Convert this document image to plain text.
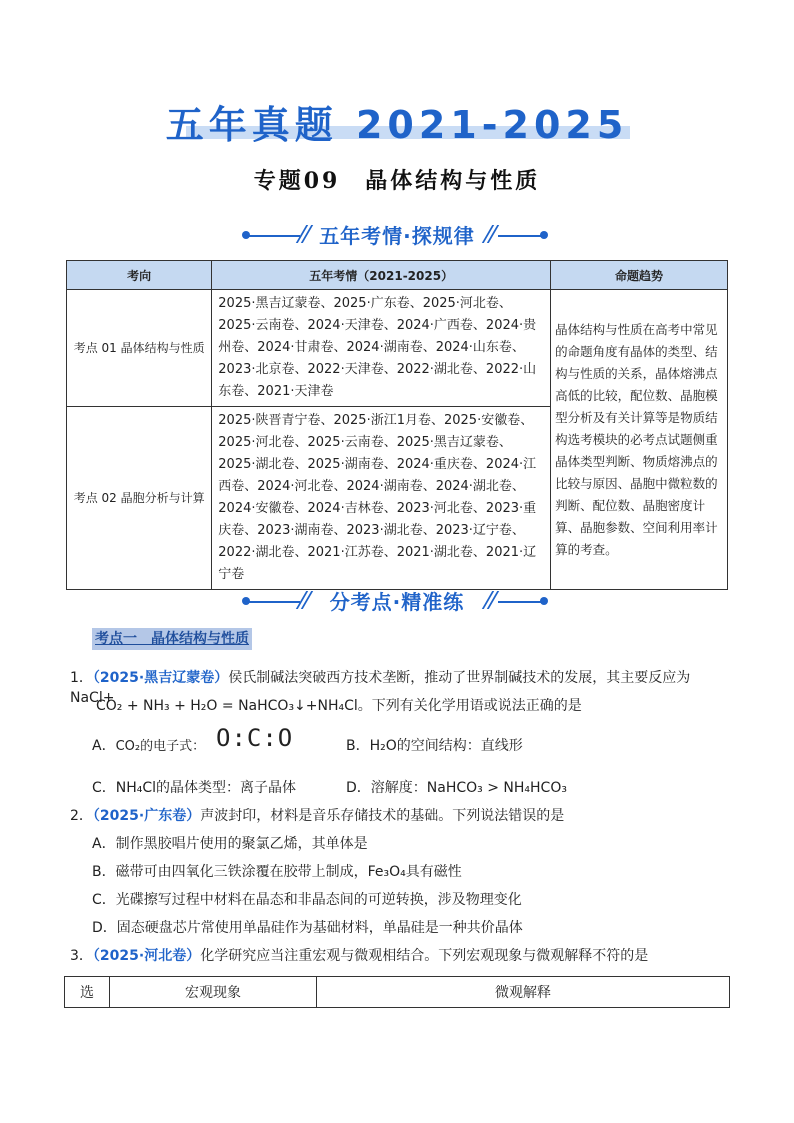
五年真题 2021-2025
专题09　晶体结构与性质
五年考情·探规律
考向	五年考情（2021-2025）	命题趋势
考点 01 晶体结构与性质	2025·黑吉辽蒙卷、2025·广东卷、2025·河北卷、2025·云南卷、2024·天津卷、2024·广西卷、2024·贵州卷、2024·甘肃卷、2024·湖南卷、2024·山东卷、2023·北京卷、2022·天津卷、2022·湖北卷、2022·山东卷、2021·天津卷	晶体结构与性质在高考中常见的命题角度有晶体的类型、结构与性质的关系，晶体熔沸点高低的比较，配位数、晶胞模型分析及有关计算等是物质结构选考模块的必考点试题侧重晶体类型判断、物质熔沸点的比较与原因、晶胞中微粒数的判断、配位数、晶胞密度计算、晶胞参数、空间利用率计算的考查。
考点 02 晶胞分析与计算	2025·陕晋青宁卷、2025·浙江1月卷、2025·安徽卷、2025·河北卷、2025·云南卷、2025·黑吉辽蒙卷、2025·湖北卷、2025·湖南卷、2024·重庆卷、2024·江西卷、2024·河北卷、2024·湖南卷、2024·湖北卷、2024·安徽卷、2024·吉林卷、2023·河北卷、2023·重庆卷、2023·湖南卷、2023·湖北卷、2023·辽宁卷、2022·湖北卷、2021·江苏卷、2021·湖北卷、2021·辽宁卷	
分考点·精准练
考点一　晶体结构与性质
1．（2025·黑吉辽蒙卷）侯氏制碱法突破西方技术垄断，推动了世界制碱技术的发展，其主要反应为 NaCl+
CO₂ + NH₃ + H₂O = NaHCO₃↓+NH₄Cl。下列有关化学用语或说法正确的是
A．CO₂的电子式： O:C:O	B．H₂O的空间结构：直线形
C．NH₄Cl的晶体类型：离子晶体	D．溶解度：NaHCO₃ > NH₄HCO₃
2．（2025·广东卷）声波封印，材料是音乐存储技术的基础。下列说法错误的是
A．制作黑胶唱片使用的聚氯乙烯，其单体是
B．磁带可由四氧化三铁涂覆在胶带上制成，Fe₃O₄具有磁性
C．光碟擦写过程中材料在晶态和非晶态间的可逆转换，涉及物理变化
D．固态硬盘芯片常使用单晶硅作为基础材料，单晶硅是一种共价晶体
3．（2025·河北卷）化学研究应当注重宏观与微观相结合。下列宏观现象与微观解释不符的是
选	宏观现象	微观解释
